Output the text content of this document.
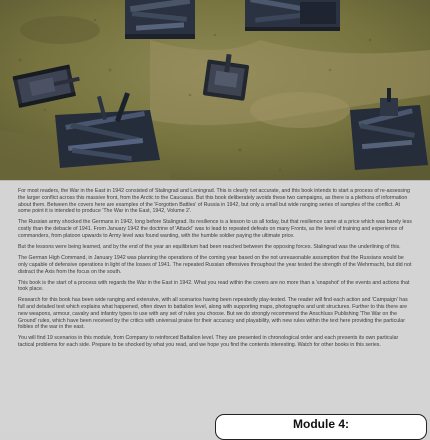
For most readers, the War in the East in 1942 consisted of Stalingrad and Leningrad. This is clearly not accurate, and this book intends to start a process of re-assessing the larger conflict across this massive front, from the Arctic to the Caucasus. But this book deliberately avoids these two campaigns, as there is a plethora of information about them. Between the covers here are examples of the 'Forgotten Battles' of Russia in 1942, but only a small but wide ranging series of samples of the conflict. At some point it is intended to produce 'The War in the East, 1942, Volume 2'.

The Russian army shocked the Germans in 1942, long before Stalingrad. Its resilience is a lesson to us all today, but that resilience came at a price which was barely less costly than the debacle of 1941. From January 1942 the doctrine of 'Attack!' was to lead to repeated defeats on many Fronts, as the level of training and experience of commanders, from platoon upwards to Army level was found wanting, with the humble soldier paying the ultimate price.

But the lessons were being learned, and by the end of the year an equilibrium had been reached between the opposing forces. Stalingrad was the underlining of this.

The German High Command, in January 1942 was planning the operations of the coming year based on the not unreasonable assumption that the Russians would be only capable of defensive operations in light of the losses of 1941. The repeated Russian offensives throughout the year tested the strength of the Wehrmacht, but did not distract the Axis from the focus on the south.

This book is the start of a process with regards the War in the East in 1942. What you read within the covers are no more than a 'snapshot' of the events and actions that took place.

Research for this book has been wide ranging and extensive, with all scenarios having been repeatedly play-tested. The reader will find each action and 'Campaign' has full and detailed text which explains what happened, often down to battalion level, along with supporting maps, photographs and unit structures. Further to this there are new weapons, armour, cavalry and infantry types to use with any set of rules you choose. But we do strongly recommend the Anschluss Publishing 'The War on the Ground' rules, which have been received by the critics with universal praise for their accuracy and playability, with new rules within the text here providing the particular foibles of the war in the east.

You will find 19 scenarios in this module, from Company to reinforced Battalion level. They are presented in chronological order and each presents its own particular tactical problems for each side. Prepare to be shocked by what you read, and we hope you find the contents interesting. Watch for other books in this series.

Module 4:
